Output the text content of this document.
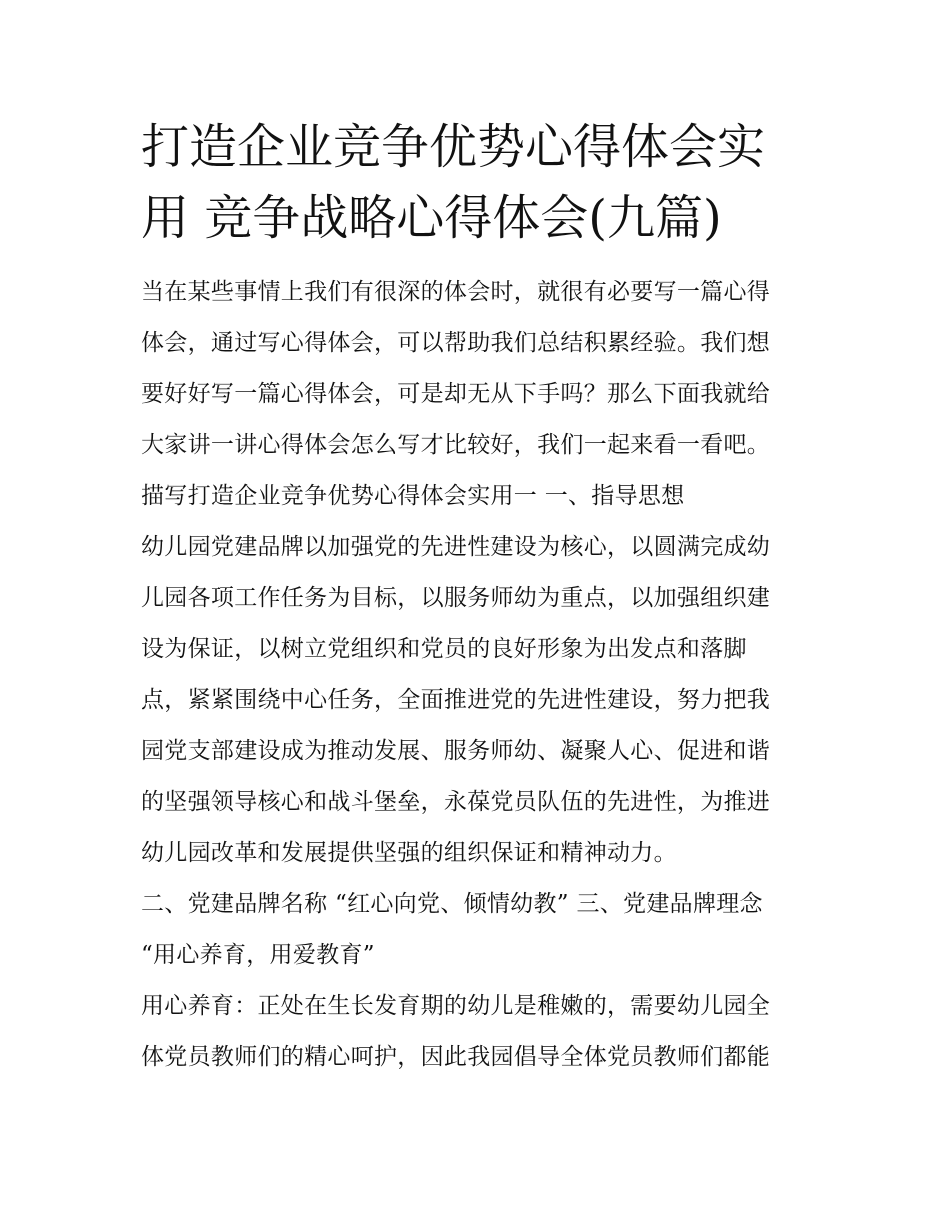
打造企业竞争优势心得体会实
用 竞争战略心得体会(九篇)
当在某些事情上我们有很深的体会时，就很有必要写一篇心得
体会，通过写心得体会，可以帮助我们总结积累经验。我们想
要好好写一篇心得体会，可是却无从下手吗？那么下面我就给
大家讲一讲心得体会怎么写才比较好，我们一起来看一看吧。
描写打造企业竞争优势心得体会实用一 一、指导思想
幼儿园党建品牌以加强党的先进性建设为核心，以圆满完成幼
儿园各项工作任务为目标，以服务师幼为重点，以加强组织建
设为保证，以树立党组织和党员的良好形象为出发点和落脚
点，紧紧围绕中心任务，全面推进党的先进性建设，努力把我
园党支部建设成为推动发展、服务师幼、凝聚人心、促进和谐
的坚强领导核心和战斗堡垒，永葆党员队伍的先进性，为推进
幼儿园改革和发展提供坚强的组织保证和精神动力。
二、党建品牌名称 “红心向党、倾情幼教” 三、党建品牌理念
“用心养育，用爱教育”
用心养育：正处在生长发育期的幼儿是稚嫩的，需要幼儿园全
体党员教师们的精心呵护，因此我园倡导全体党员教师们都能
